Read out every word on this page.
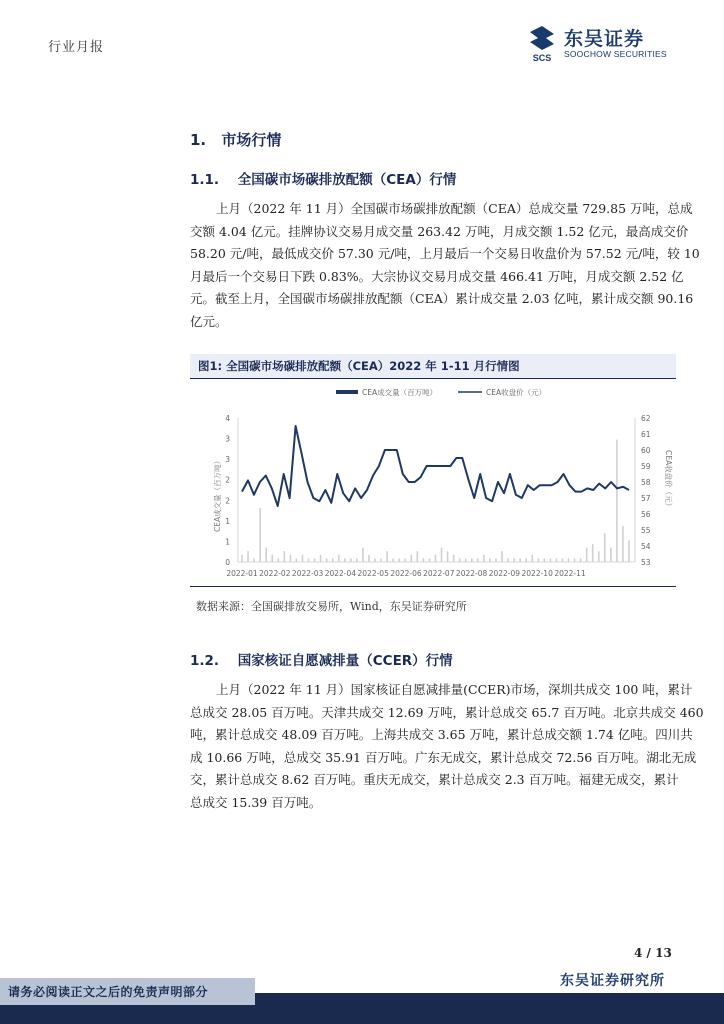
行业月报
SCS
东吴证券
SOOCHOW SECURITIES
1. 市场行情
1.1. 全国碳市场碳排放配额（CEA）行情
上月（2022 年 11 月）全国碳市场碳排放配额（CEA）总成交量 729.85 万吨，总成
交额 4.04 亿元。挂牌协议交易月成交量 263.42 万吨，月成交额 1.52 亿元，最高成交价
58.20 元/吨，最低成交价 57.30 元/吨，上月最后一个交易日收盘价为 57.52 元/吨，较 10
月最后一个交易日下跌 0.83%。大宗协议交易月成交量 466.41 万吨，月成交额 2.52 亿
元。截至上月，全国碳市场碳排放配额（CEA）累计成交量 2.03 亿吨，累计成交额 90.16
亿元。
图1: 全国碳市场碳排放配额（CEA）2022 年 1-11 月行情图
CEA成交量（百万吨）	CEA收盘价（元）
0
1
1
2
2
3
3
4
53
54
55
56
57
58
59
60
61
62
2022-01 2022-02 2022-03 2022-04 2022-05 2022-06 2022-07 2022-08 2022-09 2022-10 2022-11
CEA成交量（百万吨）	CEA收盘价（元）
数据来源：全国碳排放交易所，Wind，东吴证券研究所
1.2. 国家核证自愿减排量（CCER）行情
上月（2022 年 11 月）国家核证自愿减排量(CCER)市场，深圳共成交 100 吨，累计
总成交 28.05 百万吨。天津共成交 12.69 万吨，累计总成交 65.7 百万吨。北京共成交 460
吨，累计总成交 48.09 百万吨。上海共成交 3.65 万吨，累计总成交额 1.74 亿吨。四川共
成 10.66 万吨，总成交 35.91 百万吨。广东无成交，累计总成交 72.56 百万吨。湖北无成
交，累计总成交 8.62 百万吨。重庆无成交，累计总成交 2.3 百万吨。福建无成交，累计
总成交 15.39 百万吨。
4 / 13
东吴证券研究所
请务必阅读正文之后的免责声明部分
